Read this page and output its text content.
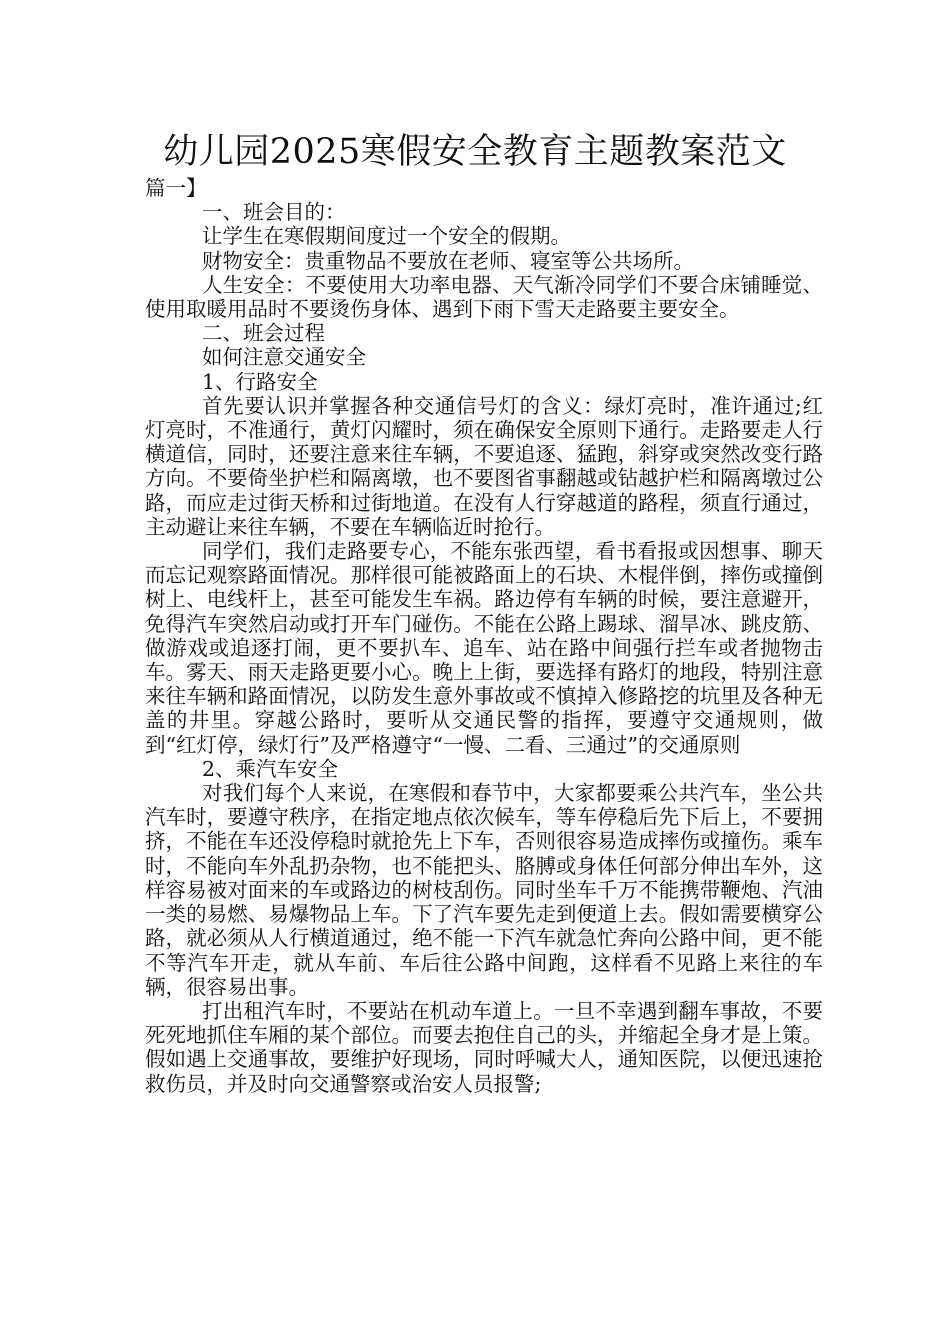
幼儿园2025寒假安全教育主题教案范文

篇一】

一、班会目的：

让学生在寒假期间度过一个安全的假期。

财物安全：贵重物品不要放在老师、寝室等公共场所。

人生安全：不要使用大功率电器、天气渐冷同学们不要合床铺睡觉、使用取暖用品时不要烫伤身体、遇到下雨下雪天走路要主要安全。

二、班会过程

如何注意交通安全

1、行路安全

首先要认识并掌握各种交通信号灯的含义：绿灯亮时，准许通过;红灯亮时，不准通行，黄灯闪耀时，须在确保安全原则下通行。走路要走人行横道信，同时，还要注意来往车辆，不要追逐、猛跑，斜穿或突然改变行路方向。不要倚坐护栏和隔离墩，也不要图省事翻越或钻越护栏和隔离墩过公路，而应走过街天桥和过街地道。在没有人行穿越道的路程，须直行通过，主动避让来往车辆，不要在车辆临近时抢行。

同学们，我们走路要专心，不能东张西望，看书看报或因想事、聊天而忘记观察路面情况。那样很可能被路面上的石块、木棍伴倒，摔伤或撞倒树上、电线杆上，甚至可能发生车祸。路边停有车辆的时候，要注意避开，免得汽车突然启动或打开车门碰伤。不能在公路上踢球、溜旱冰、跳皮筋、做游戏或追逐打闹，更不要扒车、追车、站在路中间强行拦车或者抛物击车。雾天、雨天走路更要小心。晚上上街，要选择有路灯的地段，特别注意来往车辆和路面情况，以防发生意外事故或不慎掉入修路挖的坑里及各种无盖的井里。穿越公路时，要听从交通民警的指挥，要遵守交通规则，做到“红灯停，绿灯行”及严格遵守“一慢、二看、三通过”的交通原则

2、乘汽车安全

对我们每个人来说，在寒假和春节中，大家都要乘公共汽车，坐公共汽车时，要遵守秩序，在指定地点依次候车，等车停稳后先下后上，不要拥挤，不能在车还没停稳时就抢先上下车，否则很容易造成摔伤或撞伤。乘车时，不能向车外乱扔杂物，也不能把头、胳膊或身体任何部分伸出车外，这样容易被对面来的车或路边的树枝刮伤。同时坐车千万不能携带鞭炮、汽油一类的易燃、易爆物品上车。下了汽车要先走到便道上去。假如需要横穿公路，就必须从人行横道通过，绝不能一下汽车就急忙奔向公路中间，更不能不等汽车开走，就从车前、车后往公路中间跑，这样看不见路上来往的车辆，很容易出事。

打出租汽车时，不要站在机动车道上。一旦不幸遇到翻车事故，不要死死地抓住车厢的某个部位。而要去抱住自己的头，并缩起全身才是上策。假如遇上交通事故，要维护好现场，同时呼喊大人，通知医院，以便迅速抢救伤员，并及时向交通警察或治安人员报警;
